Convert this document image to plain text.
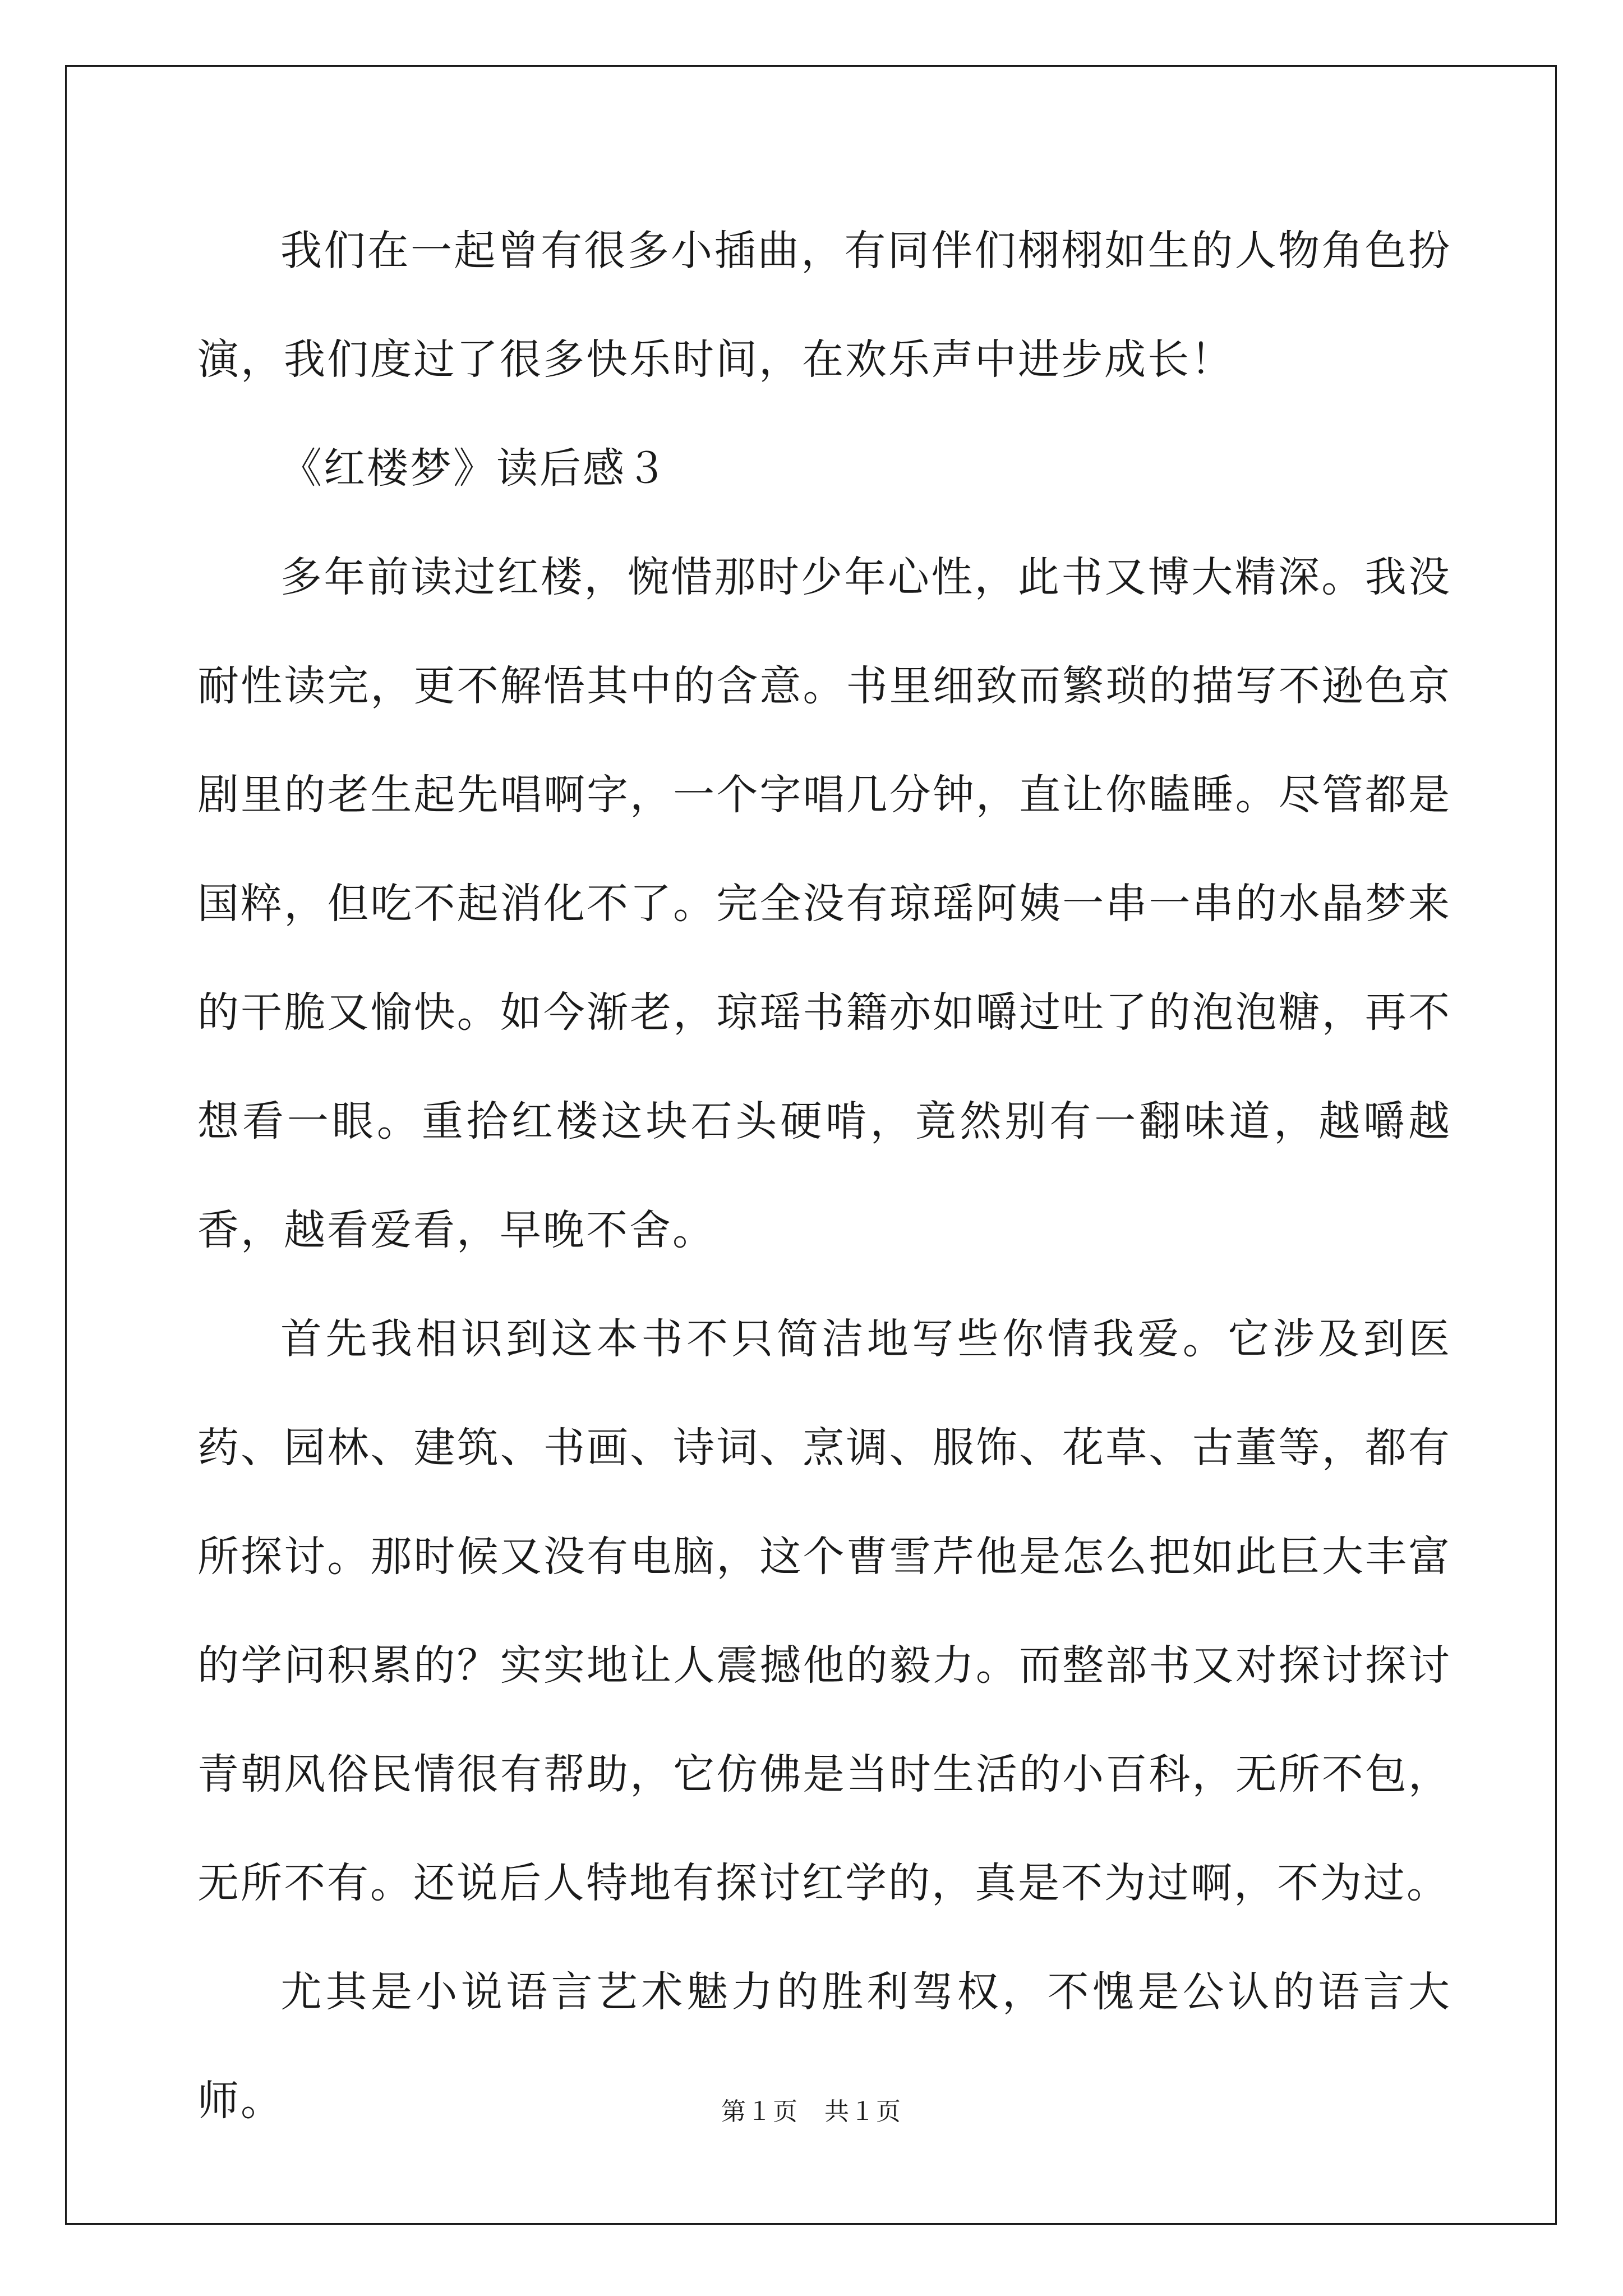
我们在一起曾有很多小插曲，有同伴们栩栩如生的人物角色扮演，我们度过了很多快乐时间，在欢乐声中进步成长！

《红楼梦》读后感３

多年前读过红楼，惋惜那时少年心性，此书又博大精深。我没耐性读完，更不解悟其中的含意。书里细致而繁琐的描写不逊色京剧里的老生起先唱啊字，一个字唱几分钟，直让你瞌睡。尽管都是国粹，但吃不起消化不了。完全没有琼瑶阿姨一串一串的水晶梦来的干脆又愉快。如今渐老，琼瑶书籍亦如嚼过吐了的泡泡糖，再不想看一眼。重拾红楼这块石头硬啃，竟然别有一翻味道，越嚼越香，越看爱看，早晚不舍。

首先我相识到这本书不只简洁地写些你情我爱。它涉及到医药、园林、建筑、书画、诗词、烹调、服饰、花草、古董等，都有所探讨。那时候又没有电脑，这个曹雪芹他是怎么把如此巨大丰富的学问积累的？实实地让人震撼他的毅力。而整部书又对探讨探讨青朝风俗民情很有帮助，它仿佛是当时生活的小百科，无所不包，无所不有。还说后人特地有探讨红学的，真是不为过啊，不为过。

尤其是小说语言艺术魅力的胜利驾权，不愧是公认的语言大师。	第１页　共１页
